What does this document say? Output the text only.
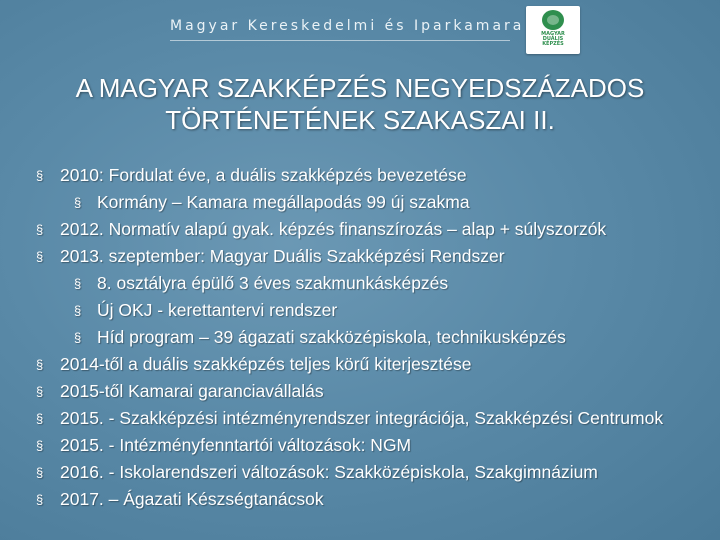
Magyar Kereskedelmi és Iparkamara	MAGYAR
DUÁLIS
KÉPZÉS
A MAGYAR SZAKKÉPZÉS NEGYEDSZÁZADOS
TÖRTÉNETÉNEK SZAKASZAI II.
§ 2010: Fordulat éve, a duális szakképzés bevezetése
§ Kormány – Kamara megállapodás 99 új szakma
§ 2012. Normatív alapú gyak. képzés finanszírozás – alap + súlyszorzók
§ 2013. szeptember: Magyar Duális Szakképzési Rendszer
§ 8. osztályra épülő 3 éves szakmunkásképzés
§ Új OKJ - kerettantervi rendszer
§ Híd program – 39 ágazati szakközépiskola, technikusképzés
§ 2014-től a duális szakképzés teljes körű kiterjesztése
§ 2015-től Kamarai garanciavállalás
§ 2015. - Szakképzési intézményrendszer integrációja, Szakképzési Centrumok
§ 2015. - Intézményfenntartói változások: NGM
§ 2016. - Iskolarendszeri változások: Szakközépiskola, Szakgimnázium
§ 2017. – Ágazati Készségtanácsok
